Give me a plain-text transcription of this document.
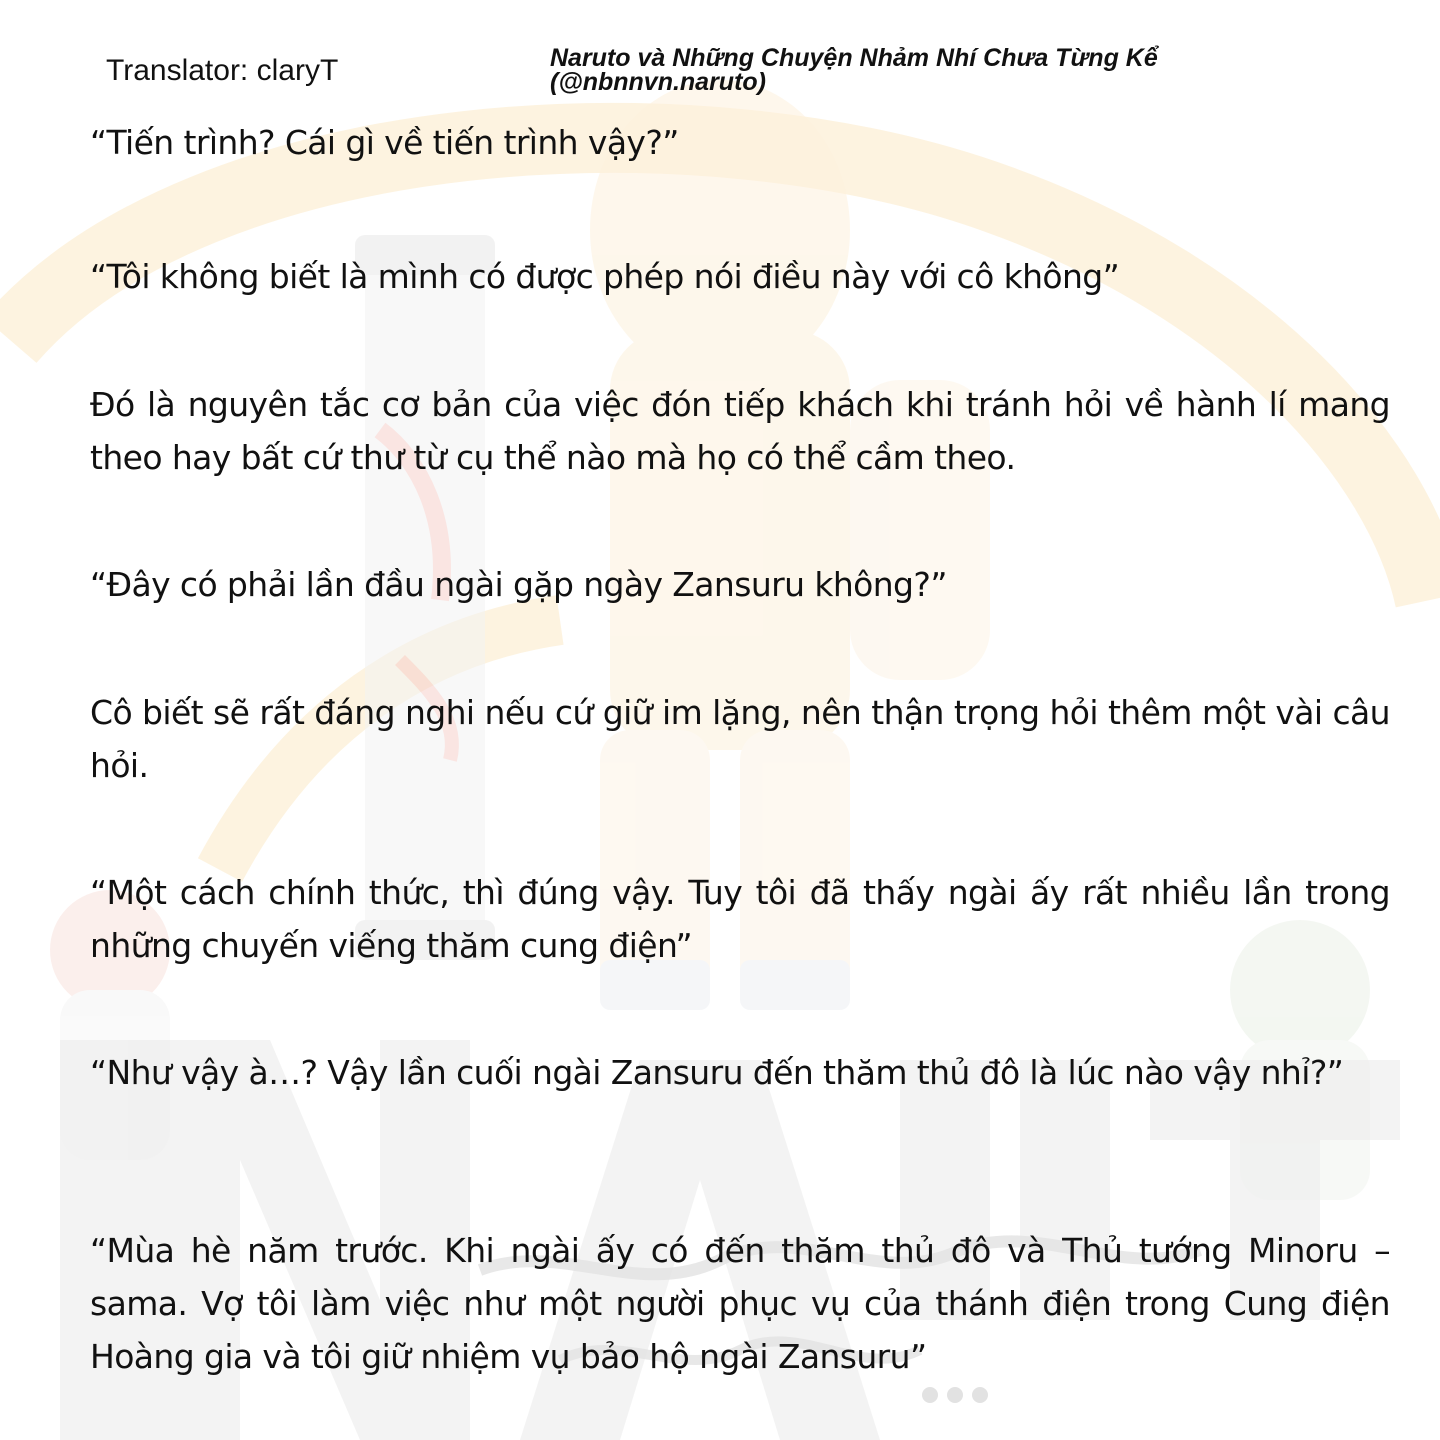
Translator: claryT	Naruto và Những Chuyện Nhảm Nhí Chưa Từng Kể
(@nbnnvn.naruto)

“Tiến trình? Cái gì về tiến trình vậy?”

“Tôi không biết là mình có được phép nói điều này với cô không”

Đó là nguyên tắc cơ bản của việc đón tiếp khách khi tránh hỏi về hành lí mang theo hay bất cứ thư từ cụ thể nào mà họ có thể cầm theo.

“Đây có phải lần đầu ngài gặp ngày Zansuru không?”

Cô biết sẽ rất đáng nghi nếu cứ giữ im lặng, nên thận trọng hỏi thêm một vài câu hỏi.

“Một cách chính thức, thì đúng vậy. Tuy tôi đã thấy ngài ấy rất nhiều lần trong những chuyến viếng thăm cung điện”

“Như vậy à…? Vậy lần cuối ngài Zansuru đến thăm thủ đô là lúc nào vậy nhỉ?”

“Mùa hè năm trước. Khi ngài ấy có đến thăm thủ đô và Thủ tướng Minoru – sama. Vợ tôi làm việc như một người phục vụ của thánh điện trong Cung điện Hoàng gia và tôi giữ nhiệm vụ bảo hộ ngài Zansuru”
